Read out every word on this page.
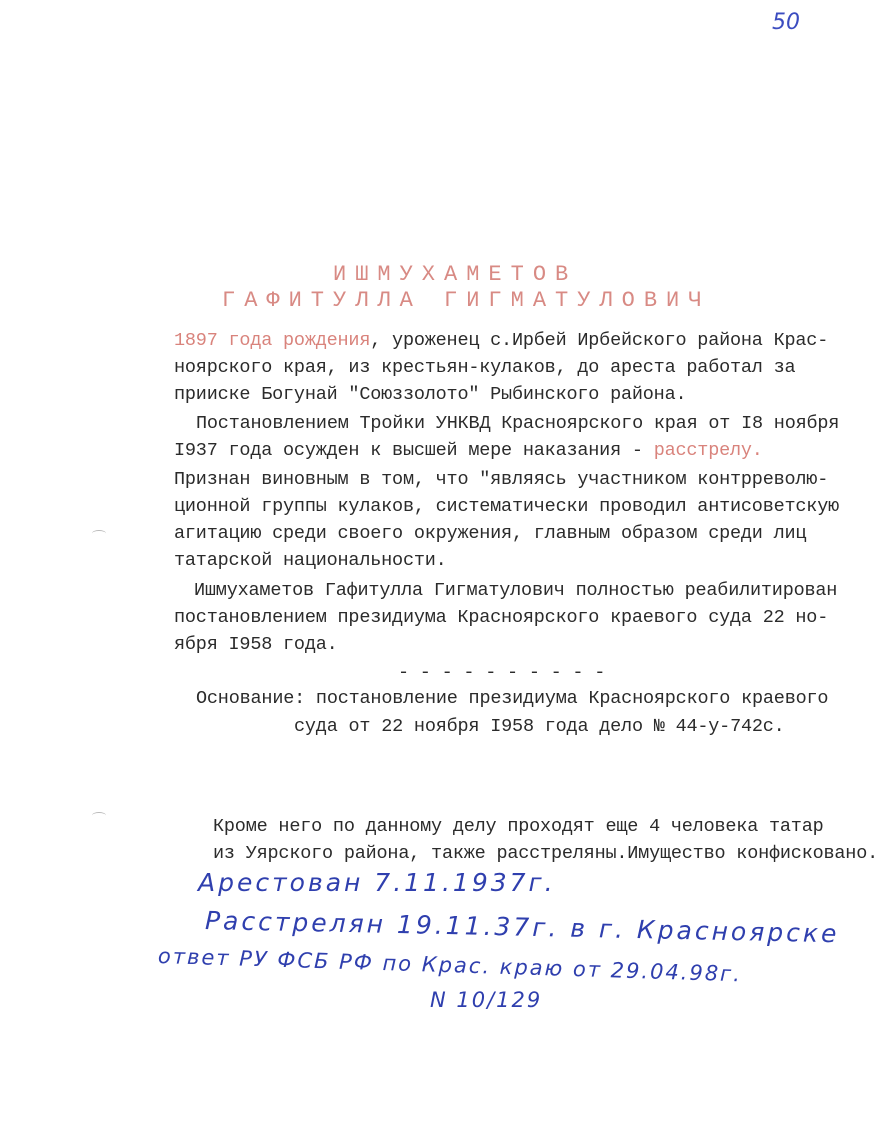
50
ИШМУХАМЕТОВ
ГАФИТУЛЛА ГИГМАТУЛОВИЧ
1897 года рождения, уроженец с.Ирбей Ирбейского района Крас-
ноярского края, из крестьян-кулаков, до ареста работал за
прииске Богунай "Союззолото" Рыбинского района.
Постановлением Тройки УНКВД Красноярского края от I8 ноября
I937 года осужден к высшей мере наказания - расстрелу.
Признан виновным в том, что "являясь участником контрреволю-
ционной группы кулаков, систематически проводил антисоветскую
агитацию среди своего окружения, главным образом среди лиц
татарской национальности.
Ишмухаметов Гафитулла Гигматулович полностью реабилитирован
постановлением президиума Красноярского краевого суда 22 но-
ября I958 года.
- - - - - - - - - -
Основание: постановление президиума Красноярского краевого
суда от 22 ноября I958 года дело № 44-у-742с.
Кроме него по данному делу проходят еще 4 человека татар
из Уярского района, также расстреляны.Имущество конфисковано.
Арестован 7.11.1937г.
Расстрелян 19.11.37г. в г. Красноярске
ответ РУ ФСБ РФ по Крас. краю от 29.04.98г.
N 10/129
